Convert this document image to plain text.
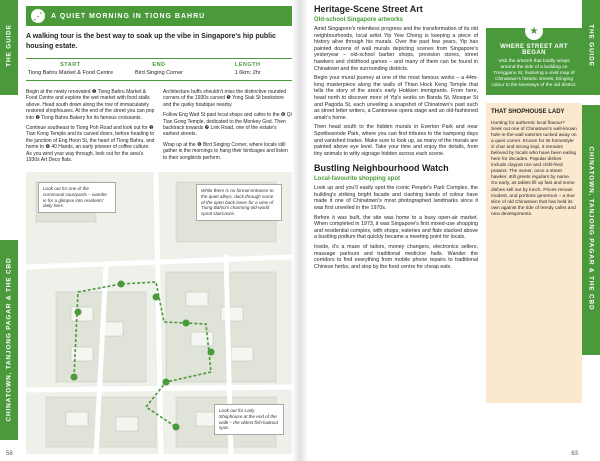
THE GUIDE
CHINATOWN, TANJONG PAGAR & THE CBD
⋰	A QUIET MORNING IN TIONG BAHRU
A walking tour is the best way to soak up the vibe in Singapore's hip public housing estate.
START	END	LENGTH
Tiong Bahru Market & Food Centre	Bird Singing Corner	1.6km; 2hr

Begin at the newly renovated ❶ Tiong Bahru Market & Food Centre and explore the wet market with food stalls above. Head south down along the row of immaculately restored shophouses. At the end of the street you can pop into ❷ Tiong Bahru Bakery for its famous croissants.

Continue southeast to Tiong Poh Road and look out for ❸ Tian Kong Temple and its carved doors, before heading to the junction of Eng Hoon St, the heart of Tiong Bahru, and home to ❹ 40 Hands, an early pioneer of coffee culture. As you wind your way through, look out for the area's 1930s Art Deco flats.

Architecture buffs shouldn't miss the distinctive rounded corners of the 1930s curved ❺ Yong Siak St bookstore and the quirky boutique nearby.

Follow Eng Watt St past local shops and cafes to the ❻ Qi Tian Gong Temple, dedicated to the Monkey God. Then backtrack towards ❼ Link Road, one of the estate's earliest streets.

Wrap up at the ❽ Bird Singing Corner, where locals still gather in the mornings to hang their birdcages and listen to their songbirds perform.

Look out for one of the communal courtyards – wander in for a glimpse into residents' daily lives.
While there is no formal entrance to the quiet alleys, duck through some of the open back lanes for a view of Tiong Bahru's charming old-world spiral staircases.
Look out for Lady Shophouse at the end of the walk – the oldest fish-lookout spot.
58
THE GUIDE
CHINATOWN, TANJONG PAGAR & THE CBD
63
Heritage-Scene Street Art
Old-school Singapore artworks

Amid Singapore's relentless progress and the transformation of its old neighbourhoods, local artist Yip Yew Chong is keeping a piece of history alive through his murals. Over the past few years, Yip has painted dozens of wall murals depicting scenes from Singapore's yesteryear – old-school barber shops, provision stores, street hawkers and childhood games – and many of them can be found in Chinatown and the surrounding districts.

Begin your mural journey at one of the most famous works – a 44m-long masterpiece along the walls of Thian Hock Keng Temple that tells the story of the area's early Hokkien immigrants. From here, head north to discover more of Yip's works on Banda St, Mosque St and Pagoda St, each unveiling a snapshot of Chinatown's past such as street letter writers, a Cantonese opera stage and an old-fashioned amah's home.

Then head south to the hidden murals in Everton Park and near Spottiswoode Park, where you can find tributes to the kampong days and vanished trades. Make sure to look up, as many of the murals are painted above eye level. Take your time and enjoy the details, from tiny animals to witty signage hidden across each scene.

Bustling Neighbourhood Watch
Local-favourite shopping spot

Look up and you'll easily spot the iconic People's Park Complex, the building's striking bright facade and clashing bands of colour have made it one of Chinatown's most photographed landmarks since it was first unveiled in the 1970s.

Before it was built, the site was home to a busy open-air market. When completed in 1973, it was Singapore's first mixed-use shopping and residential complex, with shops, eateries and flats stacked above a bustling podium that quickly became a meeting point for locals.

Inside, it's a maze of tailors, money changers, electronics sellers, massage parlours and traditional medicine halls. Wander the corridors to find everything from mobile phone repairs to traditional Chinese herbs, and stop by the food centre for cheap eats.

★
WHERE STREET ART BEGAN
Visit the artwork that boldly wraps around the side of a building on Trengganu St, featuring a vivid map of Chinatown's historic streets, bringing colour to the laneways of the old district.
THAT SHOPHOUSE LADY
Hunting for authentic local flavour? Seek out one of Chinatown's well-known hole-in-the-wall eateries tucked away on a quiet corner. Known for its homestyle zi char and strong kopi, it remains beloved by locals who have been eating here for decades. Popular dishes include claypot rice and chilli-fried prawns. The owner, once a street hawker, still greets regulars by name. Go early, as tables fill up fast and some dishes sell out by lunch. Prices remain modest, and portions generous – a true slice of old Chinatown that has held its own against the tide of trendy cafes and new developments.
